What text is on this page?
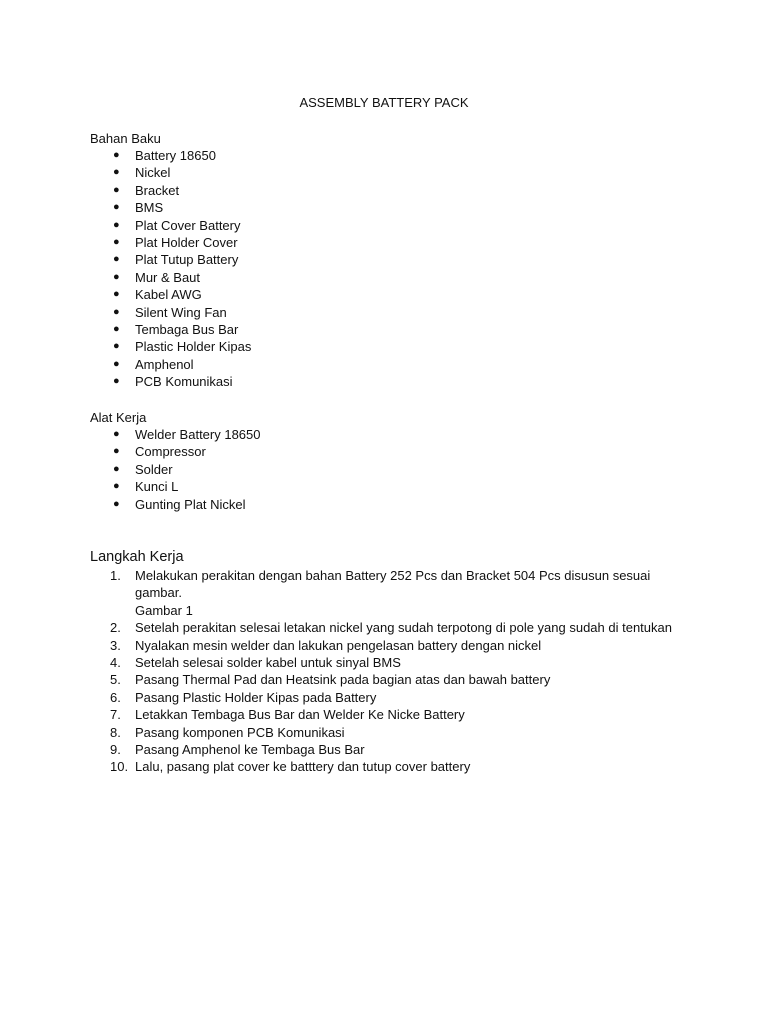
ASSEMBLY BATTERY PACK

Bahan Baku

● Battery 18650
● Nickel
● Bracket
● BMS
● Plat Cover Battery
● Plat Holder Cover
● Plat Tutup Battery
● Mur & Baut
● Kabel AWG
● Silent Wing Fan
● Tembaga Bus Bar
● Plastic Holder Kipas
● Amphenol
● PCB Komunikasi

Alat Kerja

● Welder Battery 18650
● Compressor
● Solder
● Kunci L
● Gunting Plat Nickel

Langkah Kerja

1.	Melakukan perakitan dengan bahan Battery 252 Pcs dan Bracket 504 Pcs disusun sesuai gambar.
Gambar 1
2.	Setelah perakitan selesai letakan nickel yang sudah terpotong di pole yang sudah di tentukan
3.	Nyalakan mesin welder dan lakukan pengelasan battery dengan nickel
4.	Setelah selesai solder kabel untuk sinyal BMS
5.	Pasang Thermal Pad dan Heatsink pada bagian atas dan bawah battery
6.	Pasang Plastic Holder Kipas pada Battery
7.	Letakkan Tembaga Bus Bar dan Welder Ke Nicke Battery
8.	Pasang komponen PCB Komunikasi
9.	Pasang Amphenol ke Tembaga Bus Bar
10. Lalu, pasang plat cover ke batttery dan tutup cover battery
